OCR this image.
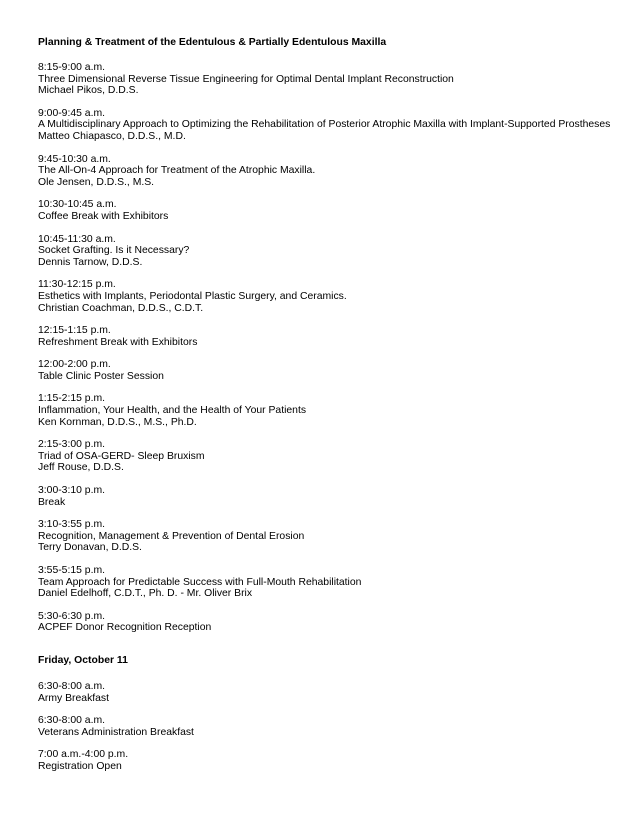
Planning & Treatment of the Edentulous & Partially Edentulous Maxilla
8:15-9:00 a.m.
Three Dimensional Reverse Tissue Engineering for Optimal Dental Implant Reconstruction
Michael Pikos, D.D.S.
9:00-9:45 a.m.
A Multidisciplinary Approach to Optimizing the Rehabilitation of Posterior Atrophic Maxilla with Implant-Supported Prostheses
Matteo Chiapasco, D.D.S., M.D.
9:45-10:30 a.m.
The All-On-4 Approach for Treatment of the Atrophic Maxilla.
Ole Jensen, D.D.S., M.S.
10:30-10:45 a.m.
Coffee Break with Exhibitors
10:45-11:30 a.m.
Socket Grafting. Is it Necessary?
Dennis Tarnow, D.D.S.
11:30-12:15 p.m.
Esthetics with Implants, Periodontal Plastic Surgery, and Ceramics.
Christian Coachman, D.D.S., C.D.T.
12:15-1:15 p.m.
Refreshment Break with Exhibitors
12:00-2:00 p.m.
Table Clinic Poster Session
1:15-2:15 p.m.
Inflammation, Your Health, and the Health of Your Patients
Ken Kornman, D.D.S., M.S., Ph.D.
2:15-3:00 p.m.
Triad of OSA-GERD- Sleep Bruxism
Jeff Rouse, D.D.S.
3:00-3:10 p.m.
Break
3:10-3:55 p.m.
Recognition, Management & Prevention of Dental Erosion
Terry Donavan, D.D.S.
3:55-5:15 p.m.
Team Approach for Predictable Success with Full-Mouth Rehabilitation
Daniel Edelhoff, C.D.T., Ph. D. - Mr. Oliver Brix
5:30-6:30 p.m.
ACPEF Donor Recognition Reception
Friday, October 11
6:30-8:00 a.m.
Army Breakfast
6:30-8:00 a.m.
Veterans Administration Breakfast
7:00 a.m.-4:00 p.m.
Registration Open
